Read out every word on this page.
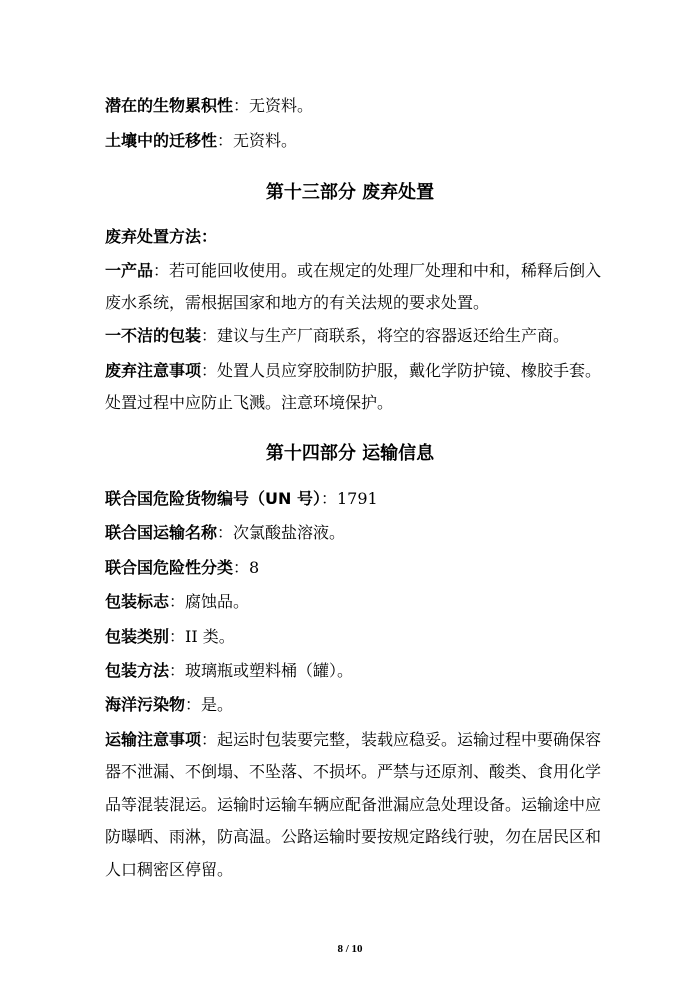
潜在的生物累积性：无资料。
土壤中的迁移性：无资料。
第十三部分 废弃处置
废弃处置方法：
一产品：若可能回收使用。或在规定的处理厂处理和中和，稀释后倒入
废水系统，需根据国家和地方的有关法规的要求处置。
一不洁的包装：建议与生产厂商联系，将空的容器返还给生产商。
废弃注意事项：处置人员应穿胶制防护服，戴化学防护镜、橡胶手套。
处置过程中应防止飞溅。注意环境保护。
第十四部分 运输信息
联合国危险货物编号（UN 号）：1791
联合国运输名称：次氯酸盐溶液。
联合国危险性分类：8
包装标志：腐蚀品。
包装类别：II 类。
包装方法：玻璃瓶或塑料桶（罐）。
海洋污染物：是。
运输注意事项：起运时包装要完整，装载应稳妥。运输过程中要确保容
器不泄漏、不倒塌、不坠落、不损坏。严禁与还原剂、酸类、食用化学
品等混装混运。运输时运输车辆应配备泄漏应急处理设备。运输途中应
防曝晒、雨淋，防高温。公路运输时要按规定路线行驶，勿在居民区和
人口稠密区停留。
8 / 10
